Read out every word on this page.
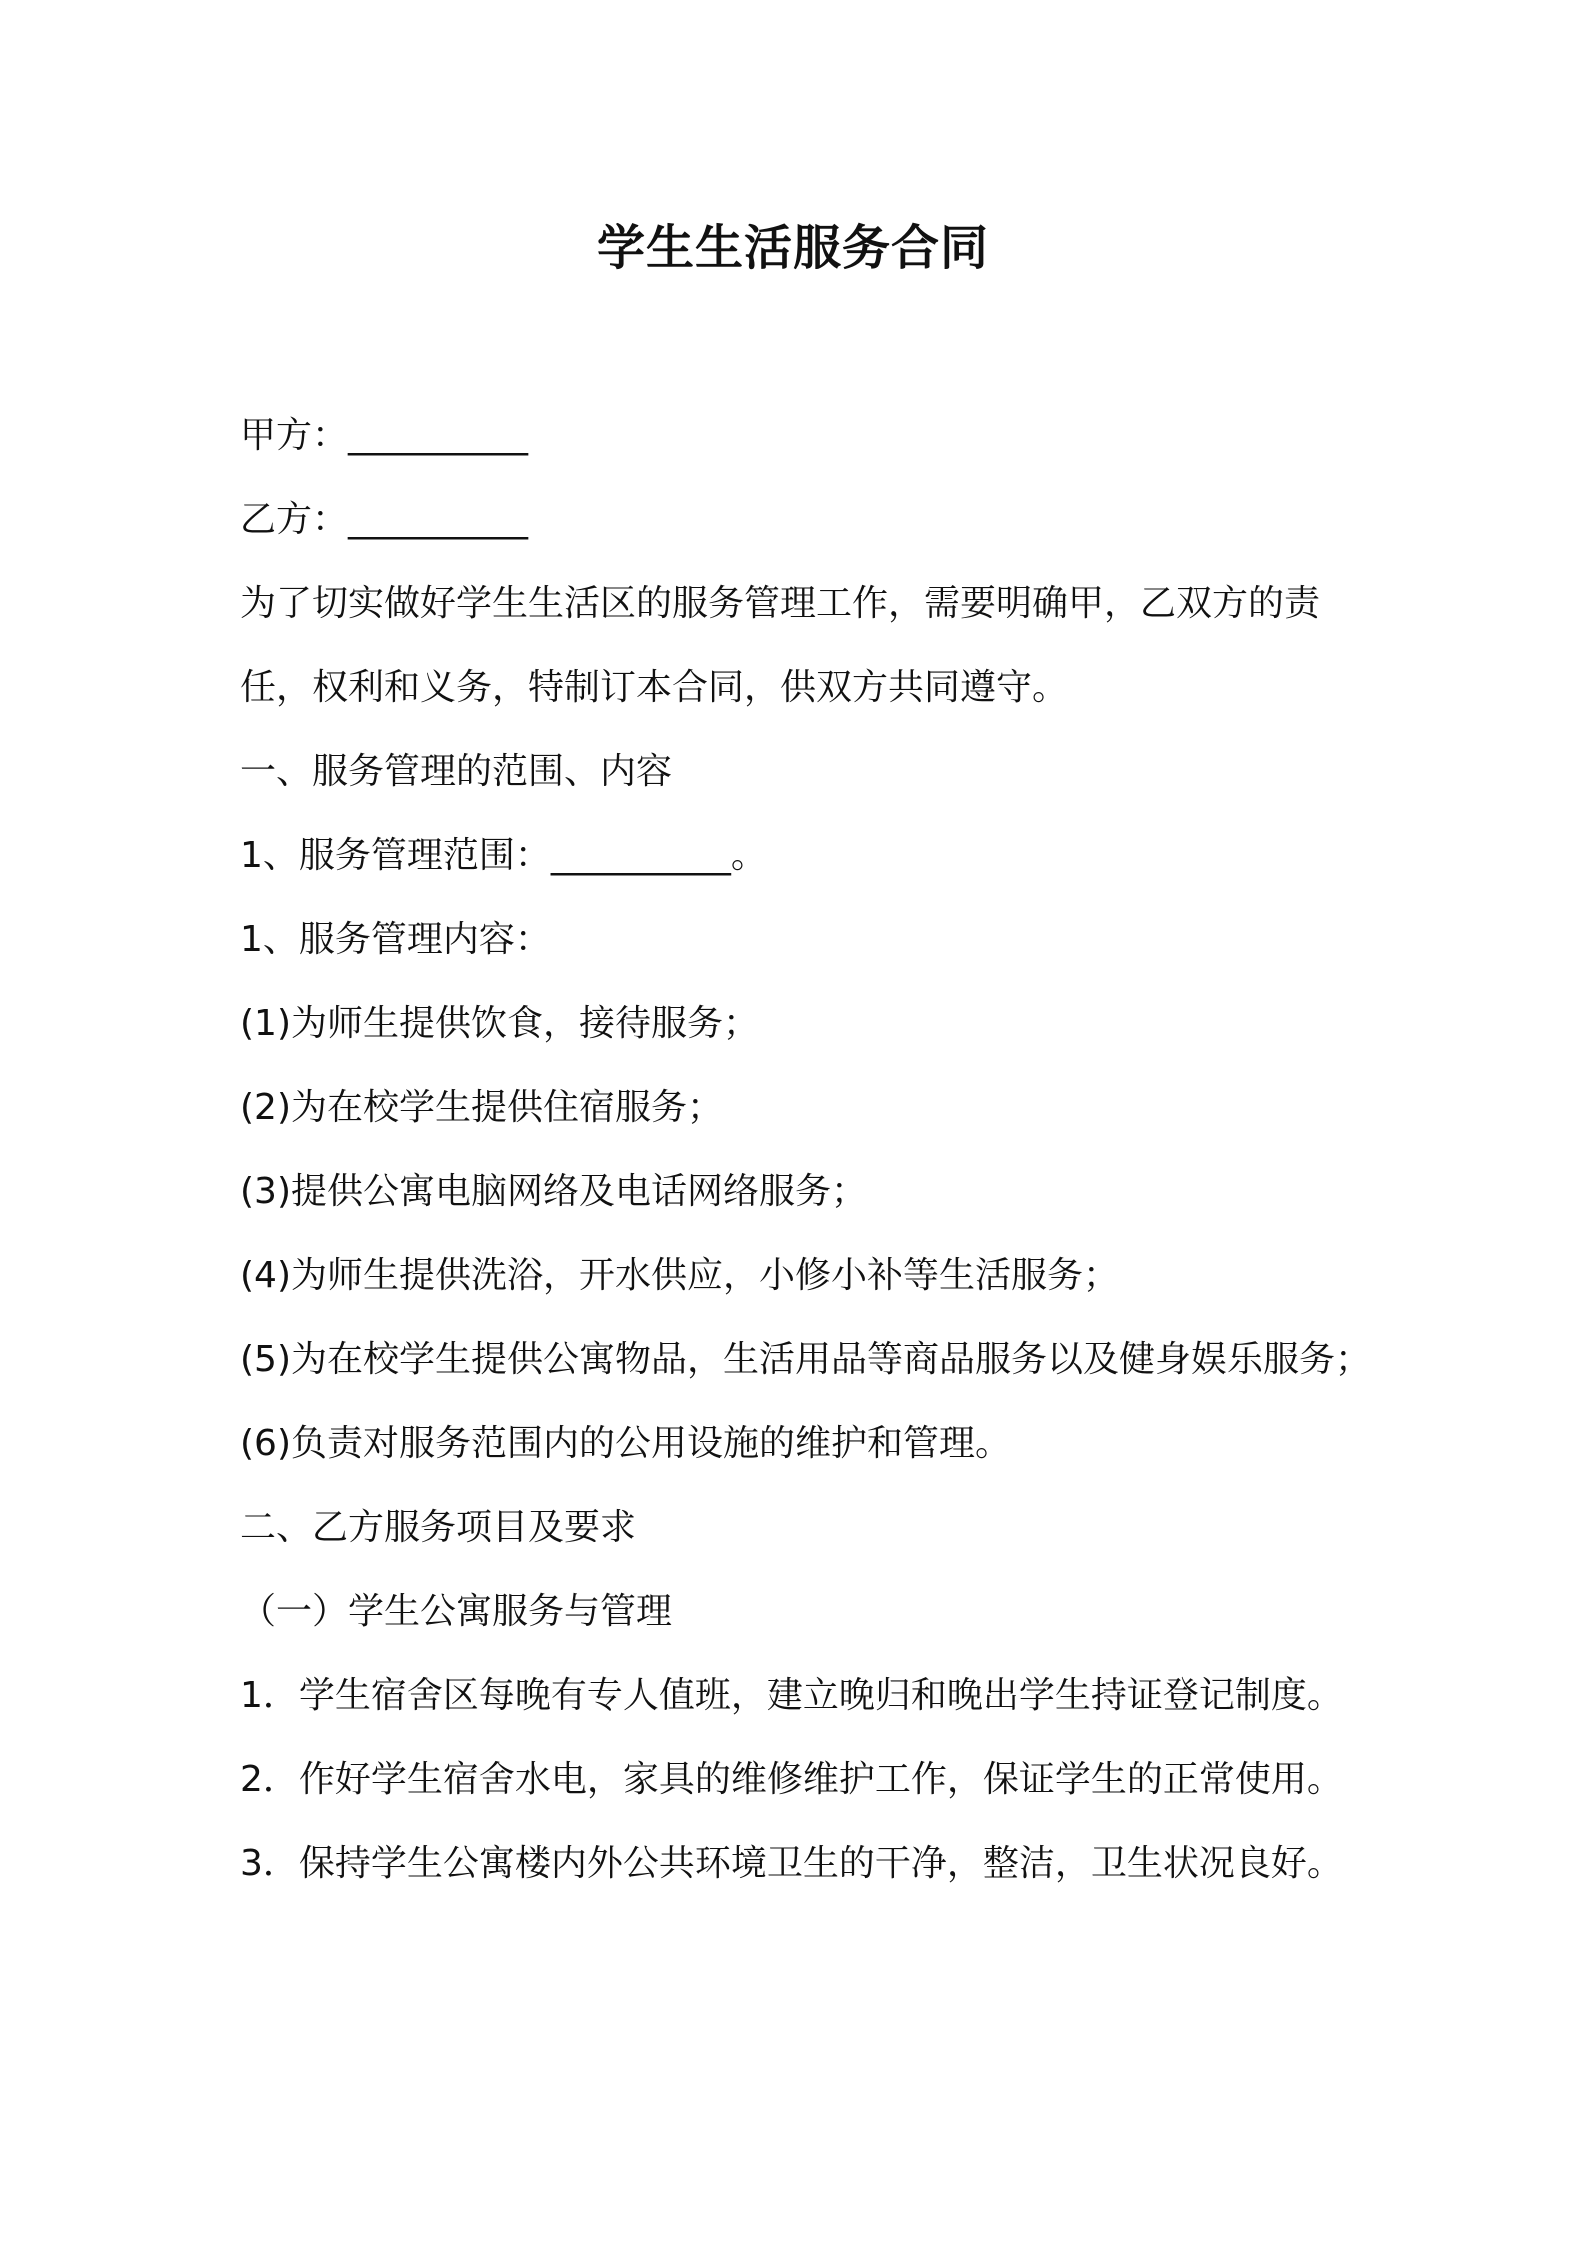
学生生活服务合同

甲方：__________

乙方：__________

为了切实做好学生生活区的服务管理工作，需要明确甲，乙双方的责任，权利和义务，特制订本合同，供双方共同遵守。

一、服务管理的范围、内容

1、服务管理范围：__________。

1、服务管理内容：

(1)为师生提供饮食，接待服务；

(2)为在校学生提供住宿服务；

(3)提供公寓电脑网络及电话网络服务；

(4)为师生提供洗浴，开水供应，小修小补等生活服务；

(5)为在校学生提供公寓物品，生活用品等商品服务以及健身娱乐服务；

(6)负责对服务范围内的公用设施的维护和管理。

二、乙方服务项目及要求

（一）学生公寓服务与管理

1．学生宿舍区每晚有专人值班，建立晚归和晚出学生持证登记制度。

2．作好学生宿舍水电，家具的维修维护工作，保证学生的正常使用。

3．保持学生公寓楼内外公共环境卫生的干净，整洁，卫生状况良好。
